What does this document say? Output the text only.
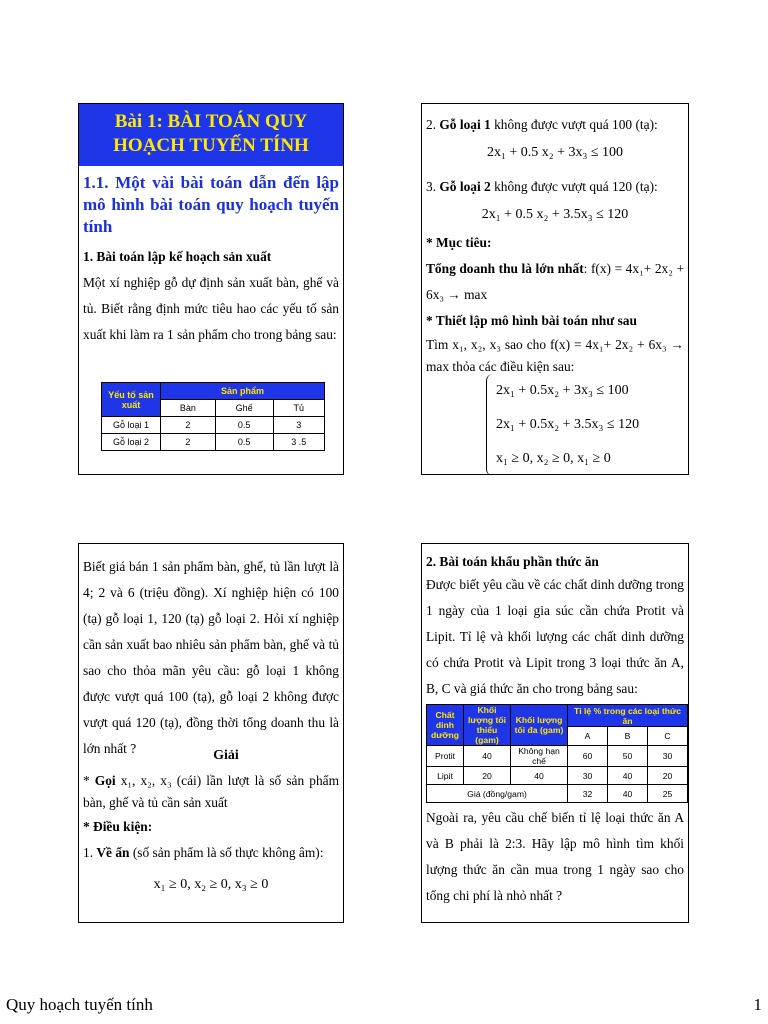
Bài 1: BÀI TOÁN QUY HOẠCH TUYẾN TÍNH
1.1. Một vài bài toán dẫn đến lập mô hình bài toán quy hoạch tuyến tính
1. Bài toán lập kế hoạch sản xuất
Một xí nghiệp gỗ dự định sản xuất bàn, ghế và tủ. Biết rằng định mức tiêu hao các yếu tố sản xuất khi làm ra 1 sản phẩm cho trong bảng sau:
Yếu tố sản xuất	Sản phẩm		
	Bàn	Ghế	Tủ
Gỗ loại 1	2	0.5	3
Gỗ loại 2	2	0.5	3 .5
2. Gỗ loại 1 không được vượt quá 100 (tạ):
2x₁ + 0.5 x₂ + 3x₃ ≤ 100
3. Gỗ loại 2 không được vượt quá 120 (tạ):
2x₁ + 0.5 x₂ + 3.5x₃ ≤ 120
* Mục tiêu:
Tổng doanh thu là lớn nhất: f(x) = 4x₁+ 2x₂ + 6x₃ → max
* Thiết lập mô hình bài toán như sau
Tìm x₁, x₂, x₃ sao cho f(x) = 4x₁+ 2x₂ + 6x₃ → max thỏa các điều kiện sau:
2x₁ + 0.5x₂ + 3x₃ ≤ 100
2x₁ + 0.5x₂ + 3.5x₃ ≤ 120
x₁ ≥ 0, x₂ ≥ 0, x₁ ≥ 0
Biết giá bán 1 sản phẩm bàn, ghế, tủ lần lượt là 4; 2 và 6 (triệu đồng). Xí nghiệp hiện có 100 (tạ) gỗ loại 1, 120 (tạ) gỗ loại 2. Hỏi xí nghiệp cần sản xuất bao nhiêu sản phẩm bàn, ghế và tủ sao cho thỏa mãn yêu cầu: gỗ loại 1 không được vượt quá 100 (tạ), gỗ loại 2 không được vượt quá 120 (tạ), đồng thời tổng doanh thu là lớn nhất ?	Giải
* Gọi x₁, x₂, x₃ (cái) lần lượt là số sản phẩm bàn, ghế và tủ cần sản xuất
* Điều kiện:
1. Về ẩn (số sản phẩm là số thực không âm):
x₁ ≥ 0, x₂ ≥ 0, x₃ ≥ 0
2. Bài toán khẩu phần thức ăn
Được biết yêu cầu về các chất dinh dưỡng trong 1 ngày của 1 loại gia súc cần chứa Protit và Lipit. Tỉ lệ và khối lượng các chất dinh dưỡng có chứa Protit và Lipit trong 3 loại thức ăn A, B, C và giá thức ăn cho trong bảng sau:
Chất dinh dưỡng	Khối lượng tối thiểu (gam)	Khối lượng tối đa (gam)	Tỉ lệ % trong các loại thức ăn		
			A	B	C
Protit	40	Không hạn chế	60	50	30
Lipit	20	40	30	40	20
Giá (đồng/gam)			32	40	25
Ngoài ra, yêu cầu chế biến tỉ lệ loại thức ăn A và B phải là 2:3. Hãy lập mô hình tìm khối lượng thức ăn cần mua trong 1 ngày sao cho tổng chi phí là nhỏ nhất ?
Quy hoạch tuyến tính	1
